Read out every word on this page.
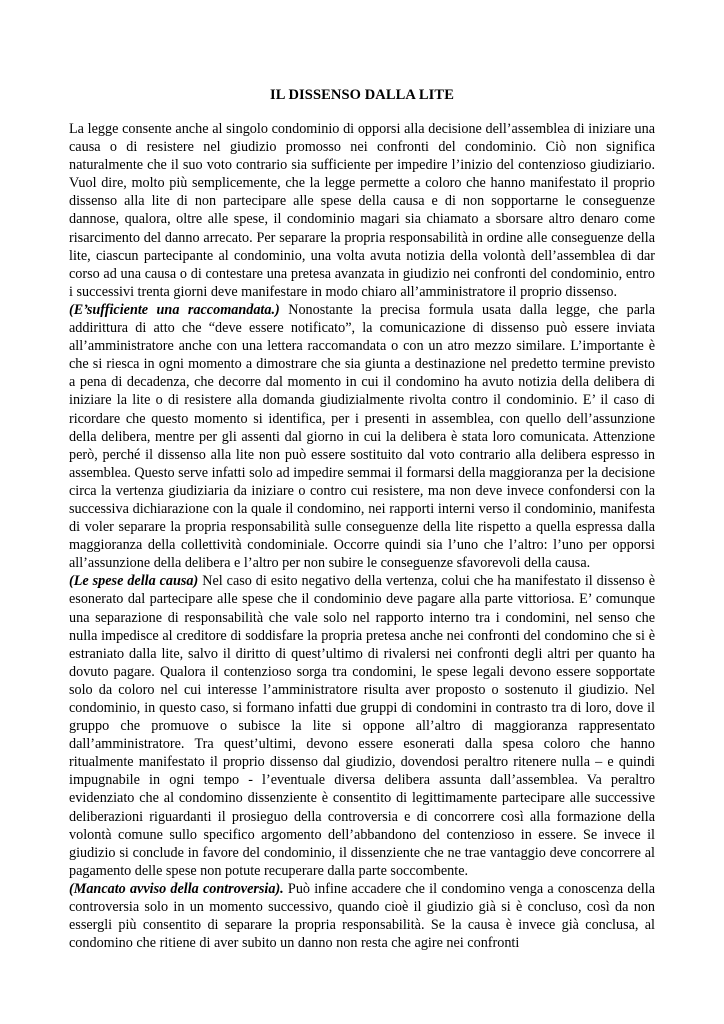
IL DISSENSO DALLA LITE

La legge consente anche al singolo condominio di opporsi alla decisione dell’assemblea di iniziare una causa o di resistere nel giudizio promosso nei confronti del condominio. Ciò non significa naturalmente che il suo voto contrario sia sufficiente per impedire l’inizio del contenzioso giudiziario. Vuol dire, molto più semplicemente, che la legge permette a coloro che hanno manifestato il proprio dissenso alla lite di non partecipare alle spese della causa e di non sopportarne le conseguenze dannose, qualora, oltre alle spese, il condominio magari sia chiamato a sborsare altro denaro come risarcimento del danno arrecato. Per separare la propria responsabilità in ordine alle conseguenze della lite, ciascun partecipante al condominio, una volta avuta notizia della volontà dell’assemblea di dar corso ad una causa o di contestare una pretesa avanzata in giudizio nei confronti del condominio, entro i successivi trenta giorni deve manifestare in modo chiaro all’amministratore il proprio dissenso.

(E’sufficiente una raccomandata.) Nonostante la precisa formula usata dalla legge, che parla addirittura di atto che “deve essere notificato”, la comunicazione di dissenso può essere inviata all’amministratore anche con una lettera raccomandata o con un atro mezzo similare. L’importante è che si riesca in ogni momento a dimostrare che sia giunta a destinazione nel predetto termine previsto a pena di decadenza, che decorre dal momento in cui il condomino ha avuto notizia della delibera di iniziare la lite o di resistere alla domanda giudizialmente rivolta contro il condominio. E’ il caso di ricordare che questo momento si identifica, per i presenti in assemblea, con quello dell’assunzione della delibera, mentre per gli assenti dal giorno in cui la delibera è stata loro comunicata. Attenzione però, perché il dissenso alla lite non può essere sostituito dal voto contrario alla delibera espresso in assemblea. Questo serve infatti solo ad impedire semmai il formarsi della maggioranza per la decisione circa la vertenza giudiziaria da iniziare o contro cui resistere, ma non deve invece confondersi con la successiva dichiarazione con la quale il condomino, nei rapporti interni verso il condominio, manifesta di voler separare la propria responsabilità sulle conseguenze della lite rispetto a quella espressa dalla maggioranza della collettività condominiale. Occorre quindi sia l’uno che l’altro: l’uno per opporsi all’assunzione della delibera e l’altro per non subire le conseguenze sfavorevoli della causa.

(Le spese della causa) Nel caso di esito negativo della vertenza, colui che ha manifestato il dissenso è esonerato dal partecipare alle spese che il condominio deve pagare alla parte vittoriosa. E’ comunque una separazione di responsabilità che vale solo nel rapporto interno tra i condomini, nel senso che nulla impedisce al creditore di soddisfare la propria pretesa anche nei confronti del condomino che si è estraniato dalla lite, salvo il diritto di quest’ultimo di rivalersi nei confronti degli altri per quanto ha dovuto pagare. Qualora il contenzioso sorga tra condomini, le spese legali devono essere sopportate solo da coloro nel cui interesse l’amministratore risulta aver proposto o sostenuto il giudizio. Nel condominio, in questo caso, si formano infatti due gruppi di condomini in contrasto tra di loro, dove il gruppo che promuove o subisce la lite si oppone all’altro di maggioranza rappresentato dall’amministratore. Tra quest’ultimi, devono essere esonerati dalla spesa coloro che hanno ritualmente manifestato il proprio dissenso dal giudizio, dovendosi peraltro ritenere nulla – e quindi impugnabile in ogni tempo - l’eventuale diversa delibera assunta dall’assemblea. Va peraltro evidenziato che al condomino dissenziente è consentito di legittimamente partecipare alle successive deliberazioni riguardanti il prosieguo della controversia e di concorrere così alla formazione della volontà comune sullo specifico argomento dell’abbandono del contenzioso in essere. Se invece il giudizio si conclude in favore del condominio, il dissenziente che ne trae vantaggio deve concorrere al pagamento delle spese non potute recuperare dalla parte soccombente.

(Mancato avviso della controversia). Può infine accadere che il condomino venga a conoscenza della controversia solo in un momento successivo, quando cioè il giudizio già si è concluso, così da non essergli più consentito di separare la propria responsabilità. Se la causa è invece già conclusa, al condomino che ritiene di aver subito un danno non resta che agire nei confronti
